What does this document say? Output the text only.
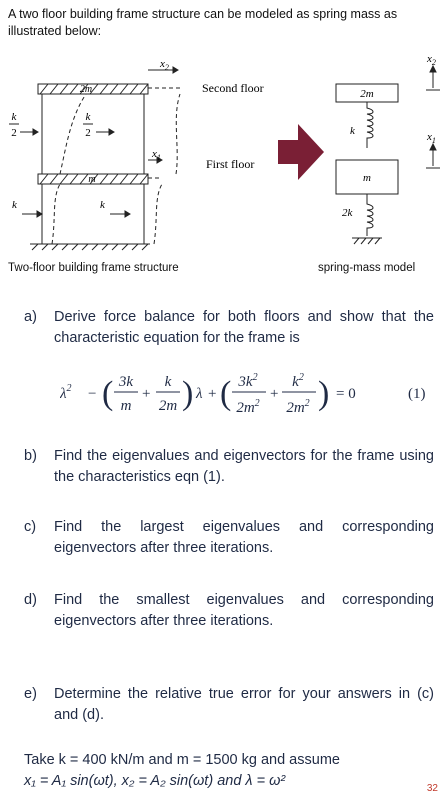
A two floor building frame structure can be modeled as spring mass as illustrated below:
2m
m
$x_2$
$x_1$
k
2
k
2
k	k
Second floor
First floor
2m
m
k
2k
$x_2$
$x_1$
Two-floor building frame structure	spring-mass model
a) Derive force balance for both floors and show that the characteristic equation for the frame is
$\lambda^2$ − ( 3k
m
+
k
2m ) λ + ( $3k^2$
$2m^2$
+
$k^2$
$2m^2$ ) = 0	(1)
b) Find the eigenvalues and eigenvectors for the frame using the characteristics eqn (1).
c) Find the largest eigenvalues and corresponding eigenvectors after three iterations.
d) Find the smallest eigenvalues and corresponding eigenvectors after three iterations.
e) Determine the relative true error for your answers in (c) and (d).
Take k = 400 kN/m and m = 1500 kg and assume
x₁ = A₁ sin(ωt), x₂ = A₂ sin(ωt) and λ = ω²	32
